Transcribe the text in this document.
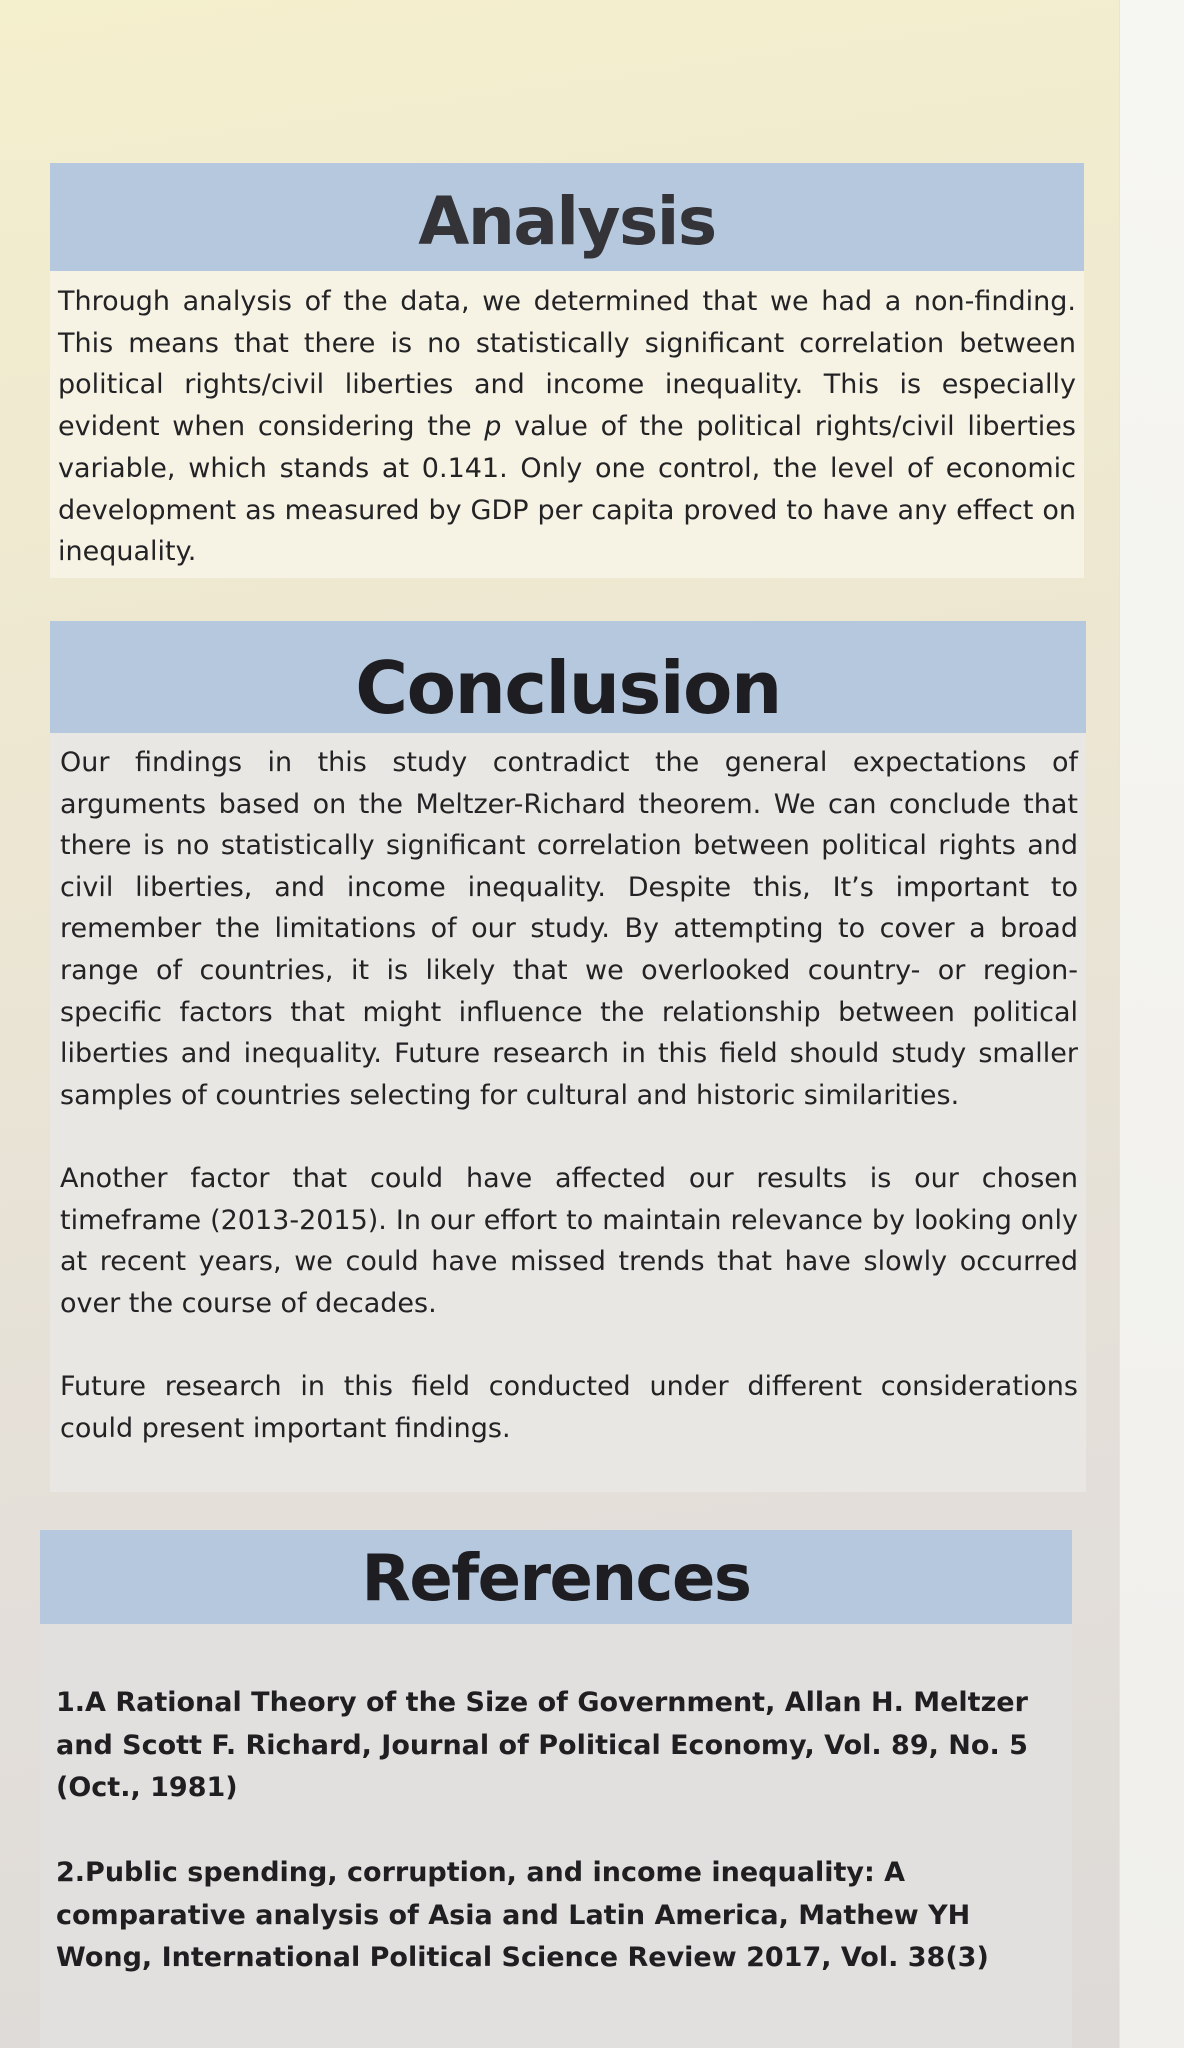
Analysis

Through analysis of the data, we determined that we had a non-finding. This means that there is no statistically significant correlation between political rights/civil liberties and income inequality. This is especially evident when considering the p value of the political rights/civil liberties variable, which stands at 0.141. Only one control, the level of economic development as measured by GDP per capita proved to have any effect on inequality.

Conclusion

Our findings in this study contradict the general expectations of arguments based on the Meltzer-Richard theorem. We can conclude that there is no statistically significant correlation between political rights and civil liberties, and income inequality. Despite this, It’s important to remember the limitations of our study. By attempting to cover a broad range of countries, it is likely that we overlooked country- or region-specific factors that might influence the relationship between political liberties and inequality. Future research in this field should study smaller samples of countries selecting for cultural and historic similarities.

Another factor that could have affected our results is our chosen timeframe (2013-2015). In our effort to maintain relevance by looking only at recent years, we could have missed trends that have slowly occurred over the course of decades.

Future research in this field conducted under different considerations could present important findings.

References

1.A Rational Theory of the Size of Government, Allan H. Meltzer and Scott F. Richard, Journal of Political Economy, Vol. 89, No. 5 (Oct., 1981)

2.Public spending, corruption, and income inequality: A comparative analysis of Asia and Latin America, Mathew YH Wong, International Political Science Review 2017, Vol. 38(3)
